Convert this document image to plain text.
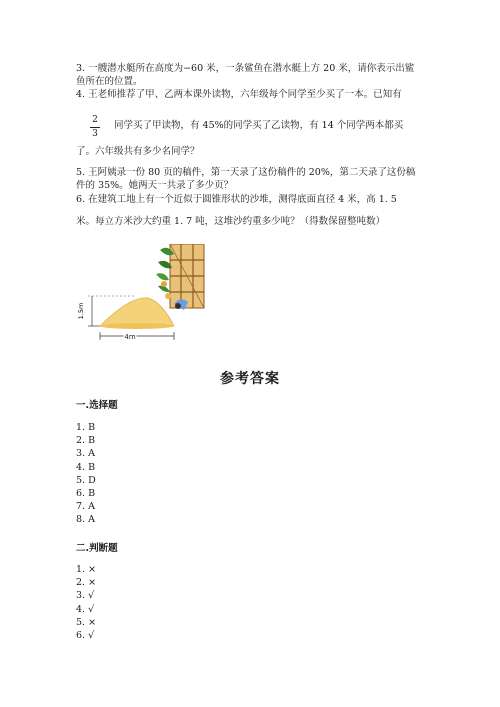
3. 一艘潜水艇所在高度为−60 米，一条鲨鱼在潜水艇上方 20 米，请你表示出鲨
鱼所在的位置。
4. 王老师推荐了甲、乙两本课外读物，六年级每个同学至少买了一本。已知有
2
3
同学买了甲读物，有 45%的同学买了乙读物，有 14 个同学两本都买
了。六年级共有多少名同学？
5. 王阿姨录一份 80 页的稿件，第一天录了这份稿件的 20%，第二天录了这份稿
件的 35%。她两天一共录了多少页？
6. 在建筑工地上有一个近似于圆锥形状的沙堆，测得底面直径 4 米，高 1. 5
米。每立方米沙大约重 1. 7 吨，这堆沙约重多少吨？（得数保留整吨数）
1.5m
4m
参考答案
一.选择题
1. B
2. B
3. A
4. B
5. D
6. B
7. A
8. A
二.判断题
1. ×
2. ×
3. √
4. √
5. ×
6. √
